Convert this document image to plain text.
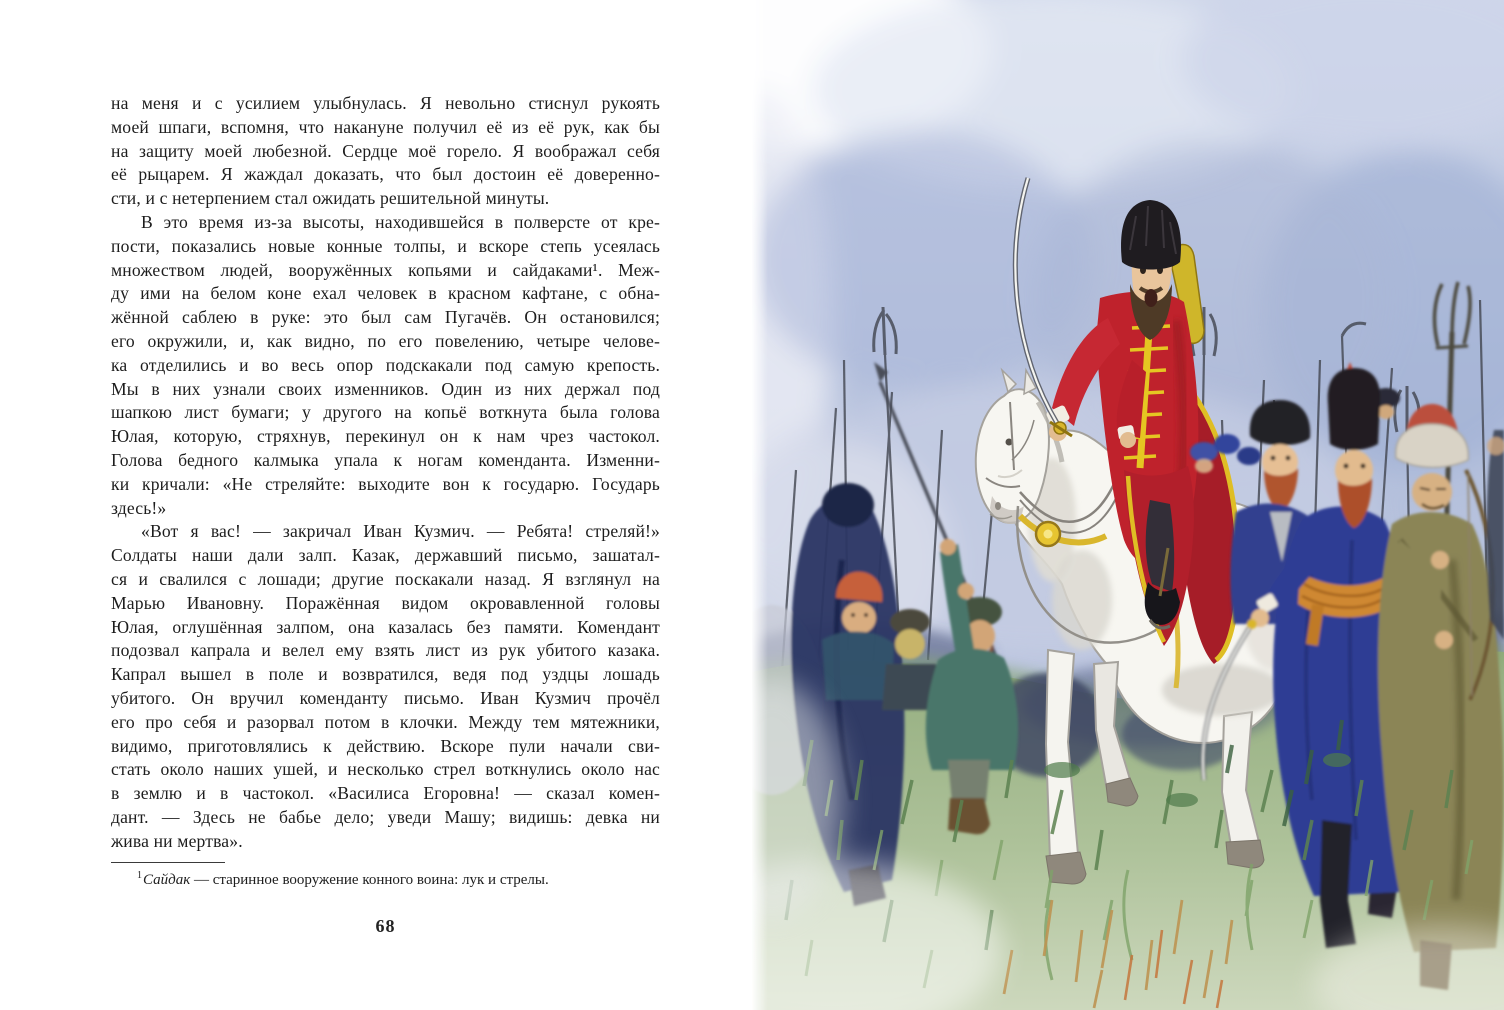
на меня и с усилием улыбнулась. Я невольно стиснул рукоять
моей шпаги, вспомня, что накануне получил её из её рук, как бы
на защиту моей любезной. Сердце моё горело. Я воображал себя
её рыцарем. Я жаждал доказать, что был достоин её доверенно-
сти, и с нетерпением стал ожидать решительной минуты.
В это время из-за высоты, находившейся в полверсте от кре-
пости, показались новые конные толпы, и вскоре степь усеялась
множеством людей, вооружённых копьями и сайдаками¹. Меж-
ду ими на белом коне ехал человек в красном кафтане, с обна-
жённой саблею в руке: это был сам Пугачёв. Он остановился;
его окружили, и, как видно, по его повелению, четыре челове-
ка отделились и во весь опор подскакали под самую крепость.
Мы в них узнали своих изменников. Один из них держал под
шапкою лист бумаги; у другого на копьё воткнута была голова
Юлая, которую, стряхнув, перекинул он к нам чрез частокол.
Голова бедного калмыка упала к ногам коменданта. Изменни-
ки кричали: «Не стреляйте: выходите вон к государю. Государь
здесь!»
«Вот я вас! — закричал Иван Кузмич. — Ребята! стреляй!»
Солдаты наши дали залп. Казак, державший письмо, зашатал-
ся и свалился с лошади; другие поскакали назад. Я взглянул на
Марью Ивановну. Поражённая видом окровавленной головы
Юлая, оглушённая залпом, она казалась без памяти. Комендант
подозвал капрала и велел ему взять лист из рук убитого казака.
Капрал вышел в поле и возвратился, ведя под уздцы лошадь
убитого. Он вручил коменданту письмо. Иван Кузмич прочёл
его про себя и разорвал потом в клочки. Между тем мятежники,
видимо, приготовлялись к действию. Вскоре пули начали сви-
стать около наших ушей, и несколько стрел воткнулись около нас
в землю и в частокол. «Василиса Егоровна! — сказал комен-
дант. — Здесь не бабье дело; уведи Машу; видишь: девка ни
жива ни мертва».
$^1$Сайдак — старинное вооружение конного воина: лук и стрелы.
68
